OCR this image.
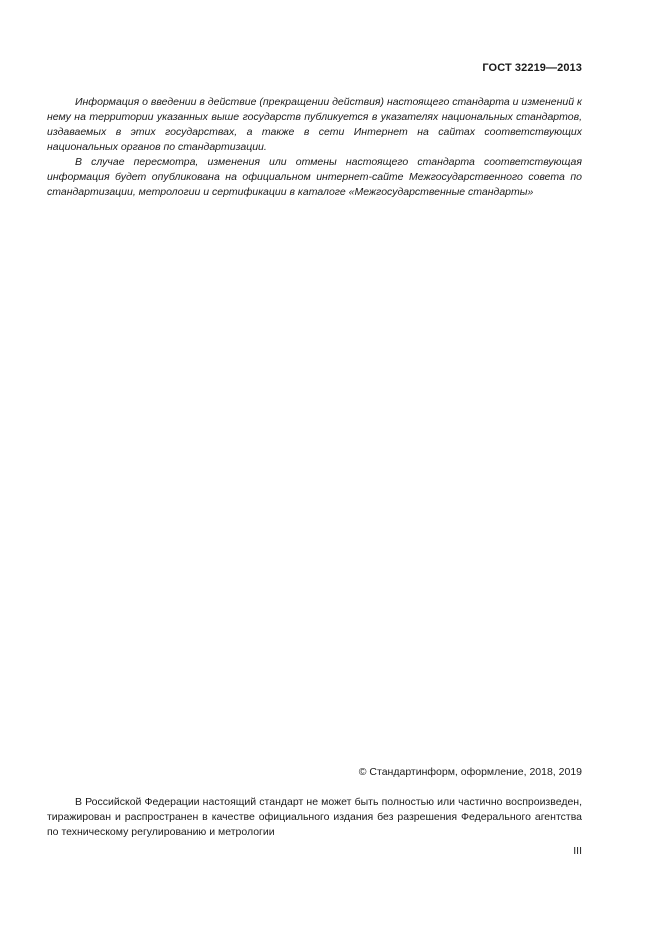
ГОСТ 32219—2013

Информация о введении в действие (прекращении действия) настоящего стандарта и изменений к нему на территории указанных выше государств публикуется в указателях национальных стандартов, издаваемых в этих государствах, а также в сети Интернет на сайтах соответствующих национальных органов по стандартизации.

В случае пересмотра, изменения или отмены настоящего стандарта соответствующая информация будет опубликована на официальном интернет-сайте Межгосударственного совета по стандартизации, метрологии и сертификации в каталоге «Межгосударственные стандарты»

© Стандартинформ, оформление, 2018, 2019

В Российской Федерации настоящий стандарт не может быть полностью или частично воспроизведен, тиражирован и распространен в качестве официального издания без разрешения Федерального агентства по техническому регулированию и метрологии

III
